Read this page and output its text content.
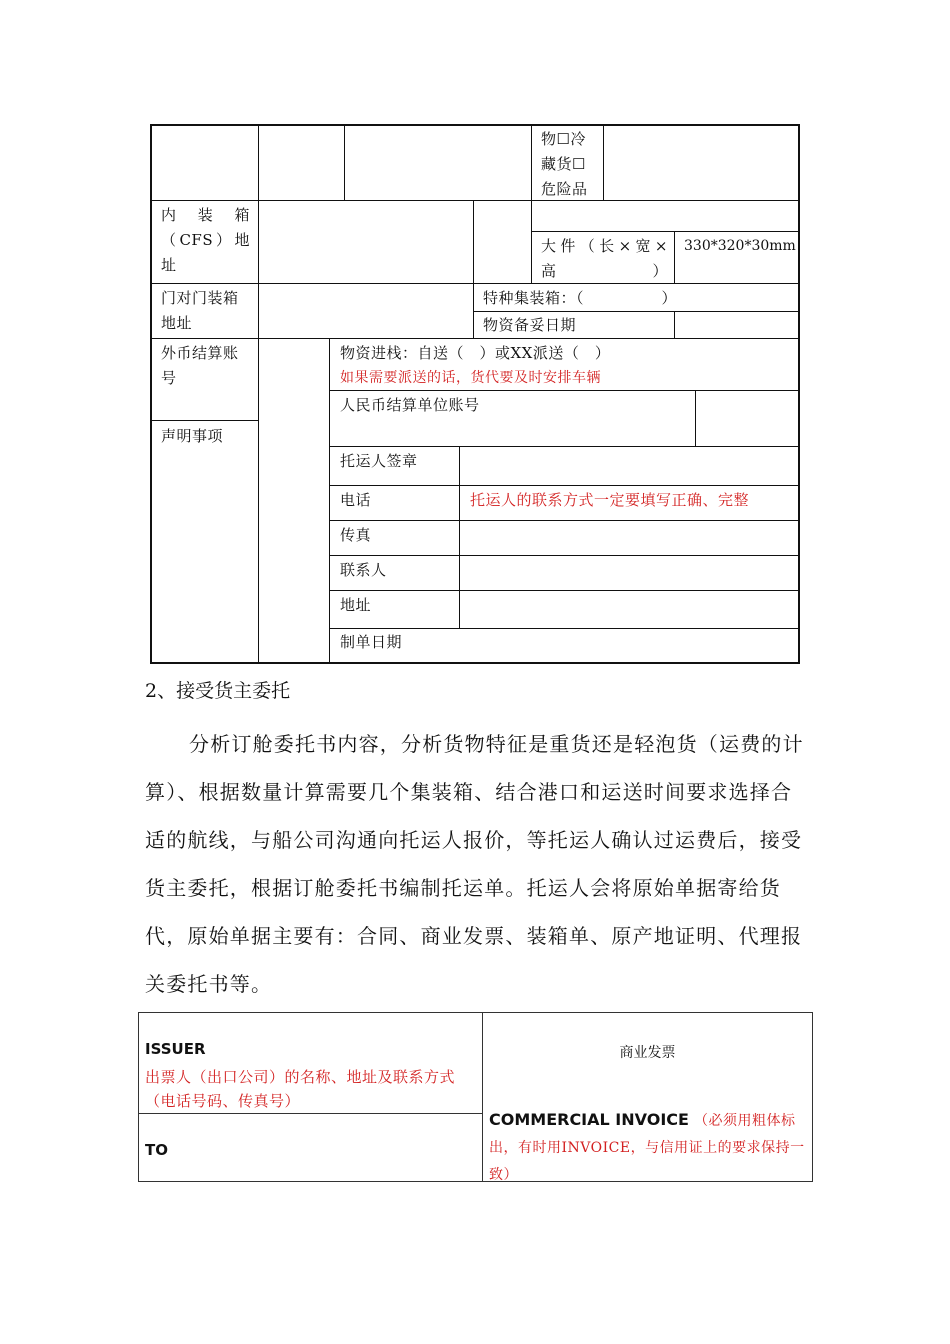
物☐冷藏货☐危险品
内装箱（CFS）地址
大件（长×宽×高）
330*320*30mm
门对门装箱地址
特种集装箱：（　　　　　）
物资备妥日期
外币结算账号
物资进栈：自送（　）或XX派送（　）
如果需要派送的话，货代要及时安排车辆
人民币结算单位账号
声明事项
托运人签章
电话	托运人的联系方式一定要填写正确、完整
传真
联系人
地址
制单日期
2、接受货主委托
分析订舱委托书内容，分析货物特征是重货还是轻泡货（运费的计算）、根据数量计算需要几个集装箱、结合港口和运送时间要求选择合适的航线，与船公司沟通向托运人报价，等托运人确认过运费后，接受货主委托，根据订舱委托书编制托运单。托运人会将原始单据寄给货代，原始单据主要有：合同、商业发票、装箱单、原产地证明、代理报关委托书等。
ISSUER
出票人（出口公司）的名称、地址及联系方式（电话号码、传真号）
TO
商业发票
COMMERCIAL INVOICE （必须用粗体标出，有时用INVOICE，与信用证上的要求保持一致）
